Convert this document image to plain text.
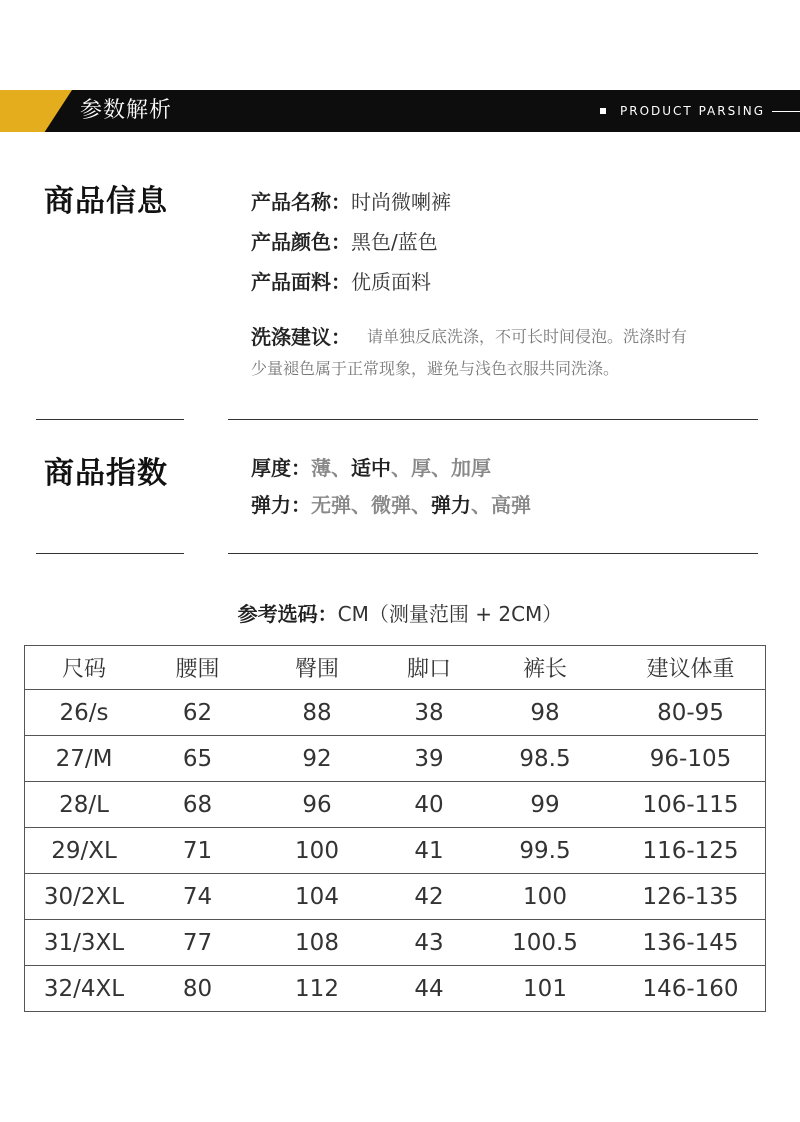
参数解析	PRODUCT PARSING
商品信息	产品名称：时尚微喇裤
产品颜色：黑色/蓝色
产品面料：优质面料
洗涤建议： 请单独反底洗涤，不可长时间侵泡。洗涤时有
少量褪色属于正常现象，避免与浅色衣服共同洗涤。
商品指数	厚度：薄、适中、厚、加厚
弹力：无弹、微弹、弹力、高弹
参考选码：CM（测量范围 + 2CM）
尺码	腰围	臀围	脚口	裤长	建议体重
26/s	62	88	38	98	80-95
27/M	65	92	39	98.5	96-105
28/L	68	96	40	99	106-115
29/XL	71	100	41	99.5	116-125
30/2XL	74	104	42	100	126-135
31/3XL	77	108	43	100.5	136-145
32/4XL	80	112	44	101	146-160
